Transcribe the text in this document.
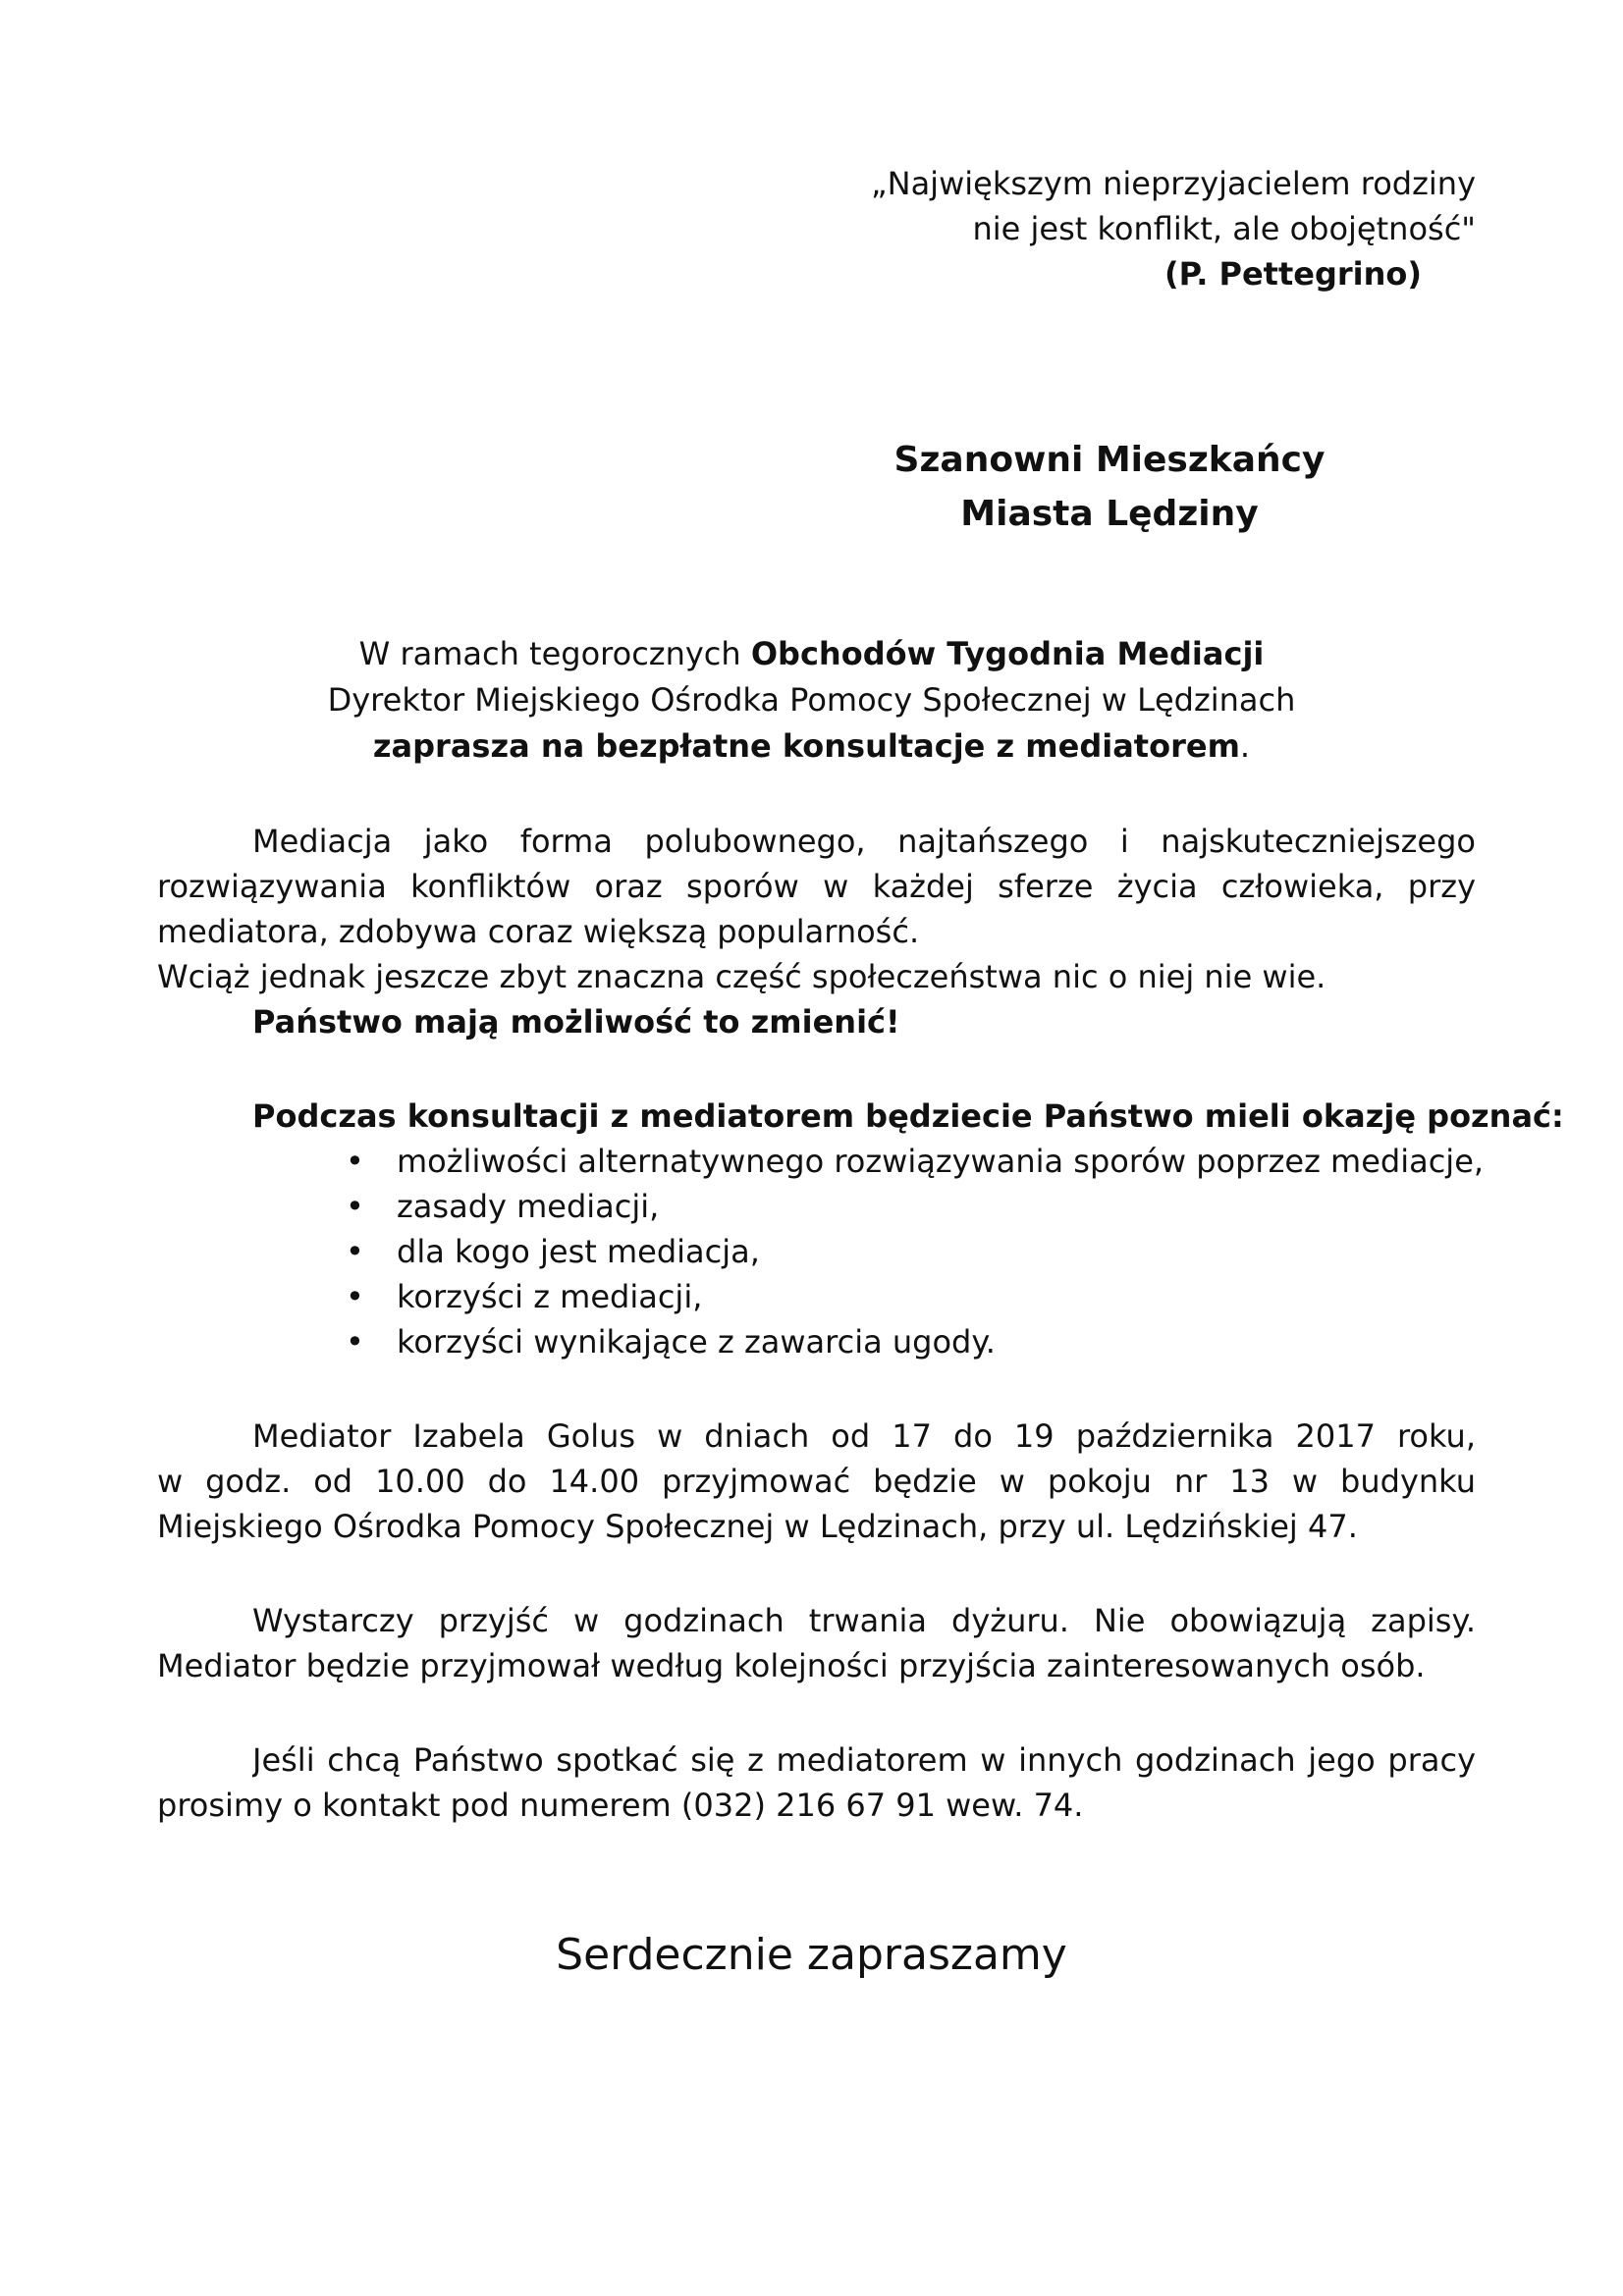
„Największym nieprzyjacielem rodziny
nie jest konflikt, ale obojętność"
(P. Pettegrino)
Szanowni Mieszkańcy
Miasta Lędziny
W ramach tegorocznych Obchodów Tygodnia Mediacji
Dyrektor Miejskiego Ośrodka Pomocy Społecznej w Lędzinach
zaprasza na bezpłatne konsultacje z mediatorem.
Mediacja jako forma polubownego, najtańszego i najskuteczniejszego
rozwiązywania konfliktów oraz sporów w każdej sferze życia człowieka, przy
mediatora, zdobywa coraz większą popularność.
Wciąż jednak jeszcze zbyt znaczna część społeczeństwa nic o niej nie wie.
Państwo mają możliwość to zmienić!
Podczas konsultacji z mediatorem będziecie Państwo mieli okazję poznać:
• możliwości alternatywnego rozwiązywania sporów poprzez mediacje,
• zasady mediacji,
• dla kogo jest mediacja,
• korzyści z mediacji,
• korzyści wynikające z zawarcia ugody.
Mediator Izabela Golus w dniach od 17 do 19 października 2017 roku,
w godz. od 10.00 do 14.00 przyjmować będzie w pokoju nr 13 w budynku
Miejskiego Ośrodka Pomocy Społecznej w Lędzinach, przy ul. Lędzińskiej 47.
Wystarczy przyjść w godzinach trwania dyżuru. Nie obowiązują zapisy.
Mediator będzie przyjmował według kolejności przyjścia zainteresowanych osób.
Jeśli chcą Państwo spotkać się z mediatorem w innych godzinach jego pracy
prosimy o kontakt pod numerem (032) 216 67 91 wew. 74.
Serdecznie zapraszamy
